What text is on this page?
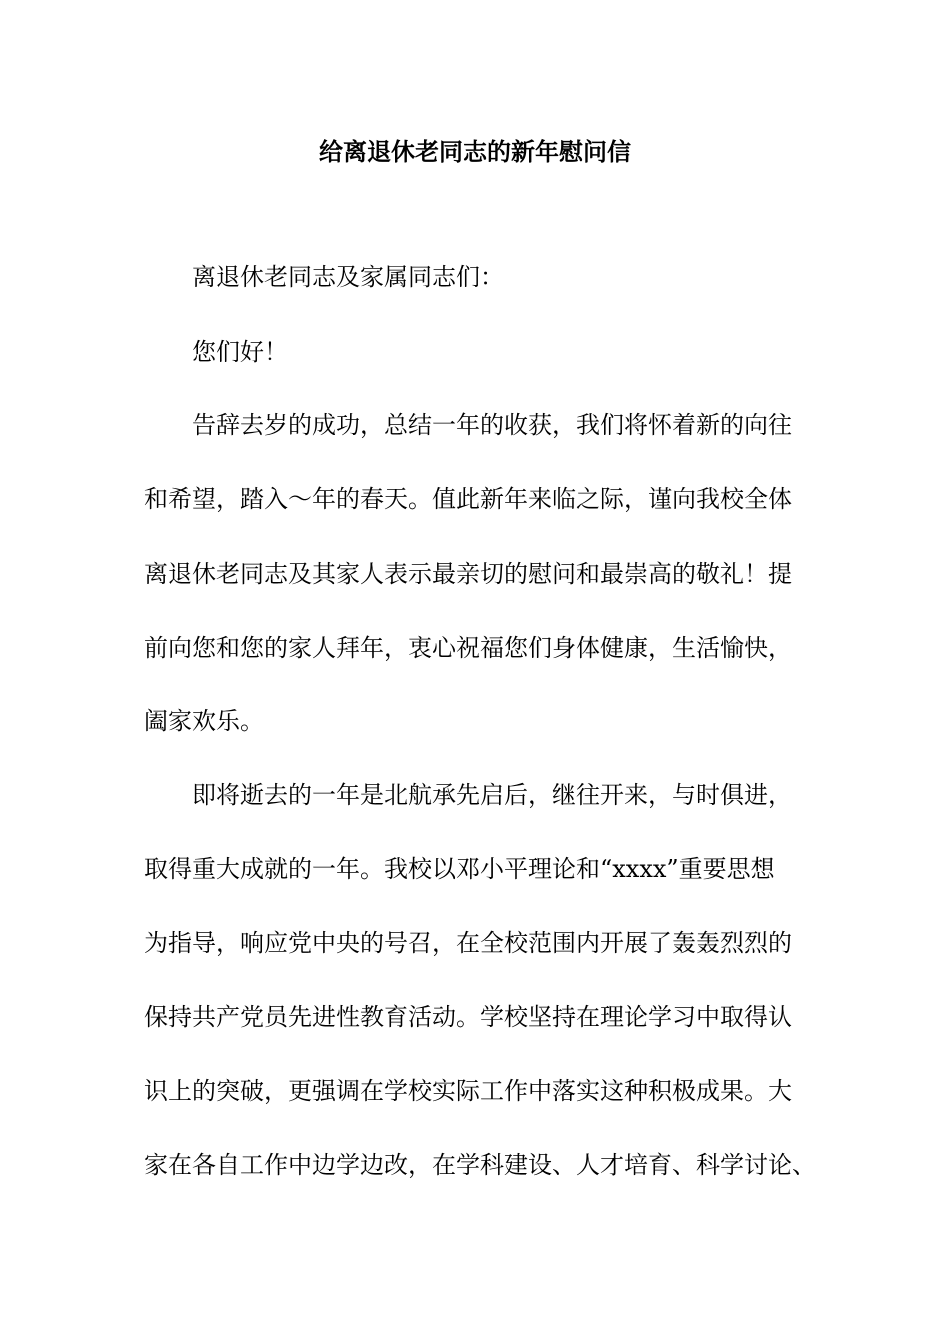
给离退休老同志的新年慰问信
离退休老同志及家属同志们：
您们好！
告辞去岁的成功，总结一年的收获，我们将怀着新的向往
和希望，踏入～年的春天。值此新年来临之际，谨向我校全体
离退休老同志及其家人表示最亲切的慰问和最崇高的敬礼！提
前向您和您的家人拜年，衷心祝福您们身体健康，生活愉快，
阖家欢乐。
即将逝去的一年是北航承先启后，继往开来，与时俱进，
取得重大成就的一年。我校以邓小平理论和“xxxx”重要思想
为指导，响应党中央的号召，在全校范围内开展了轰轰烈烈的
保持共产党员先进性教育活动。学校坚持在理论学习中取得认
识上的突破，更强调在学校实际工作中落实这种积极成果。大
家在各自工作中边学边改，在学科建设、人才培育、科学讨论、
